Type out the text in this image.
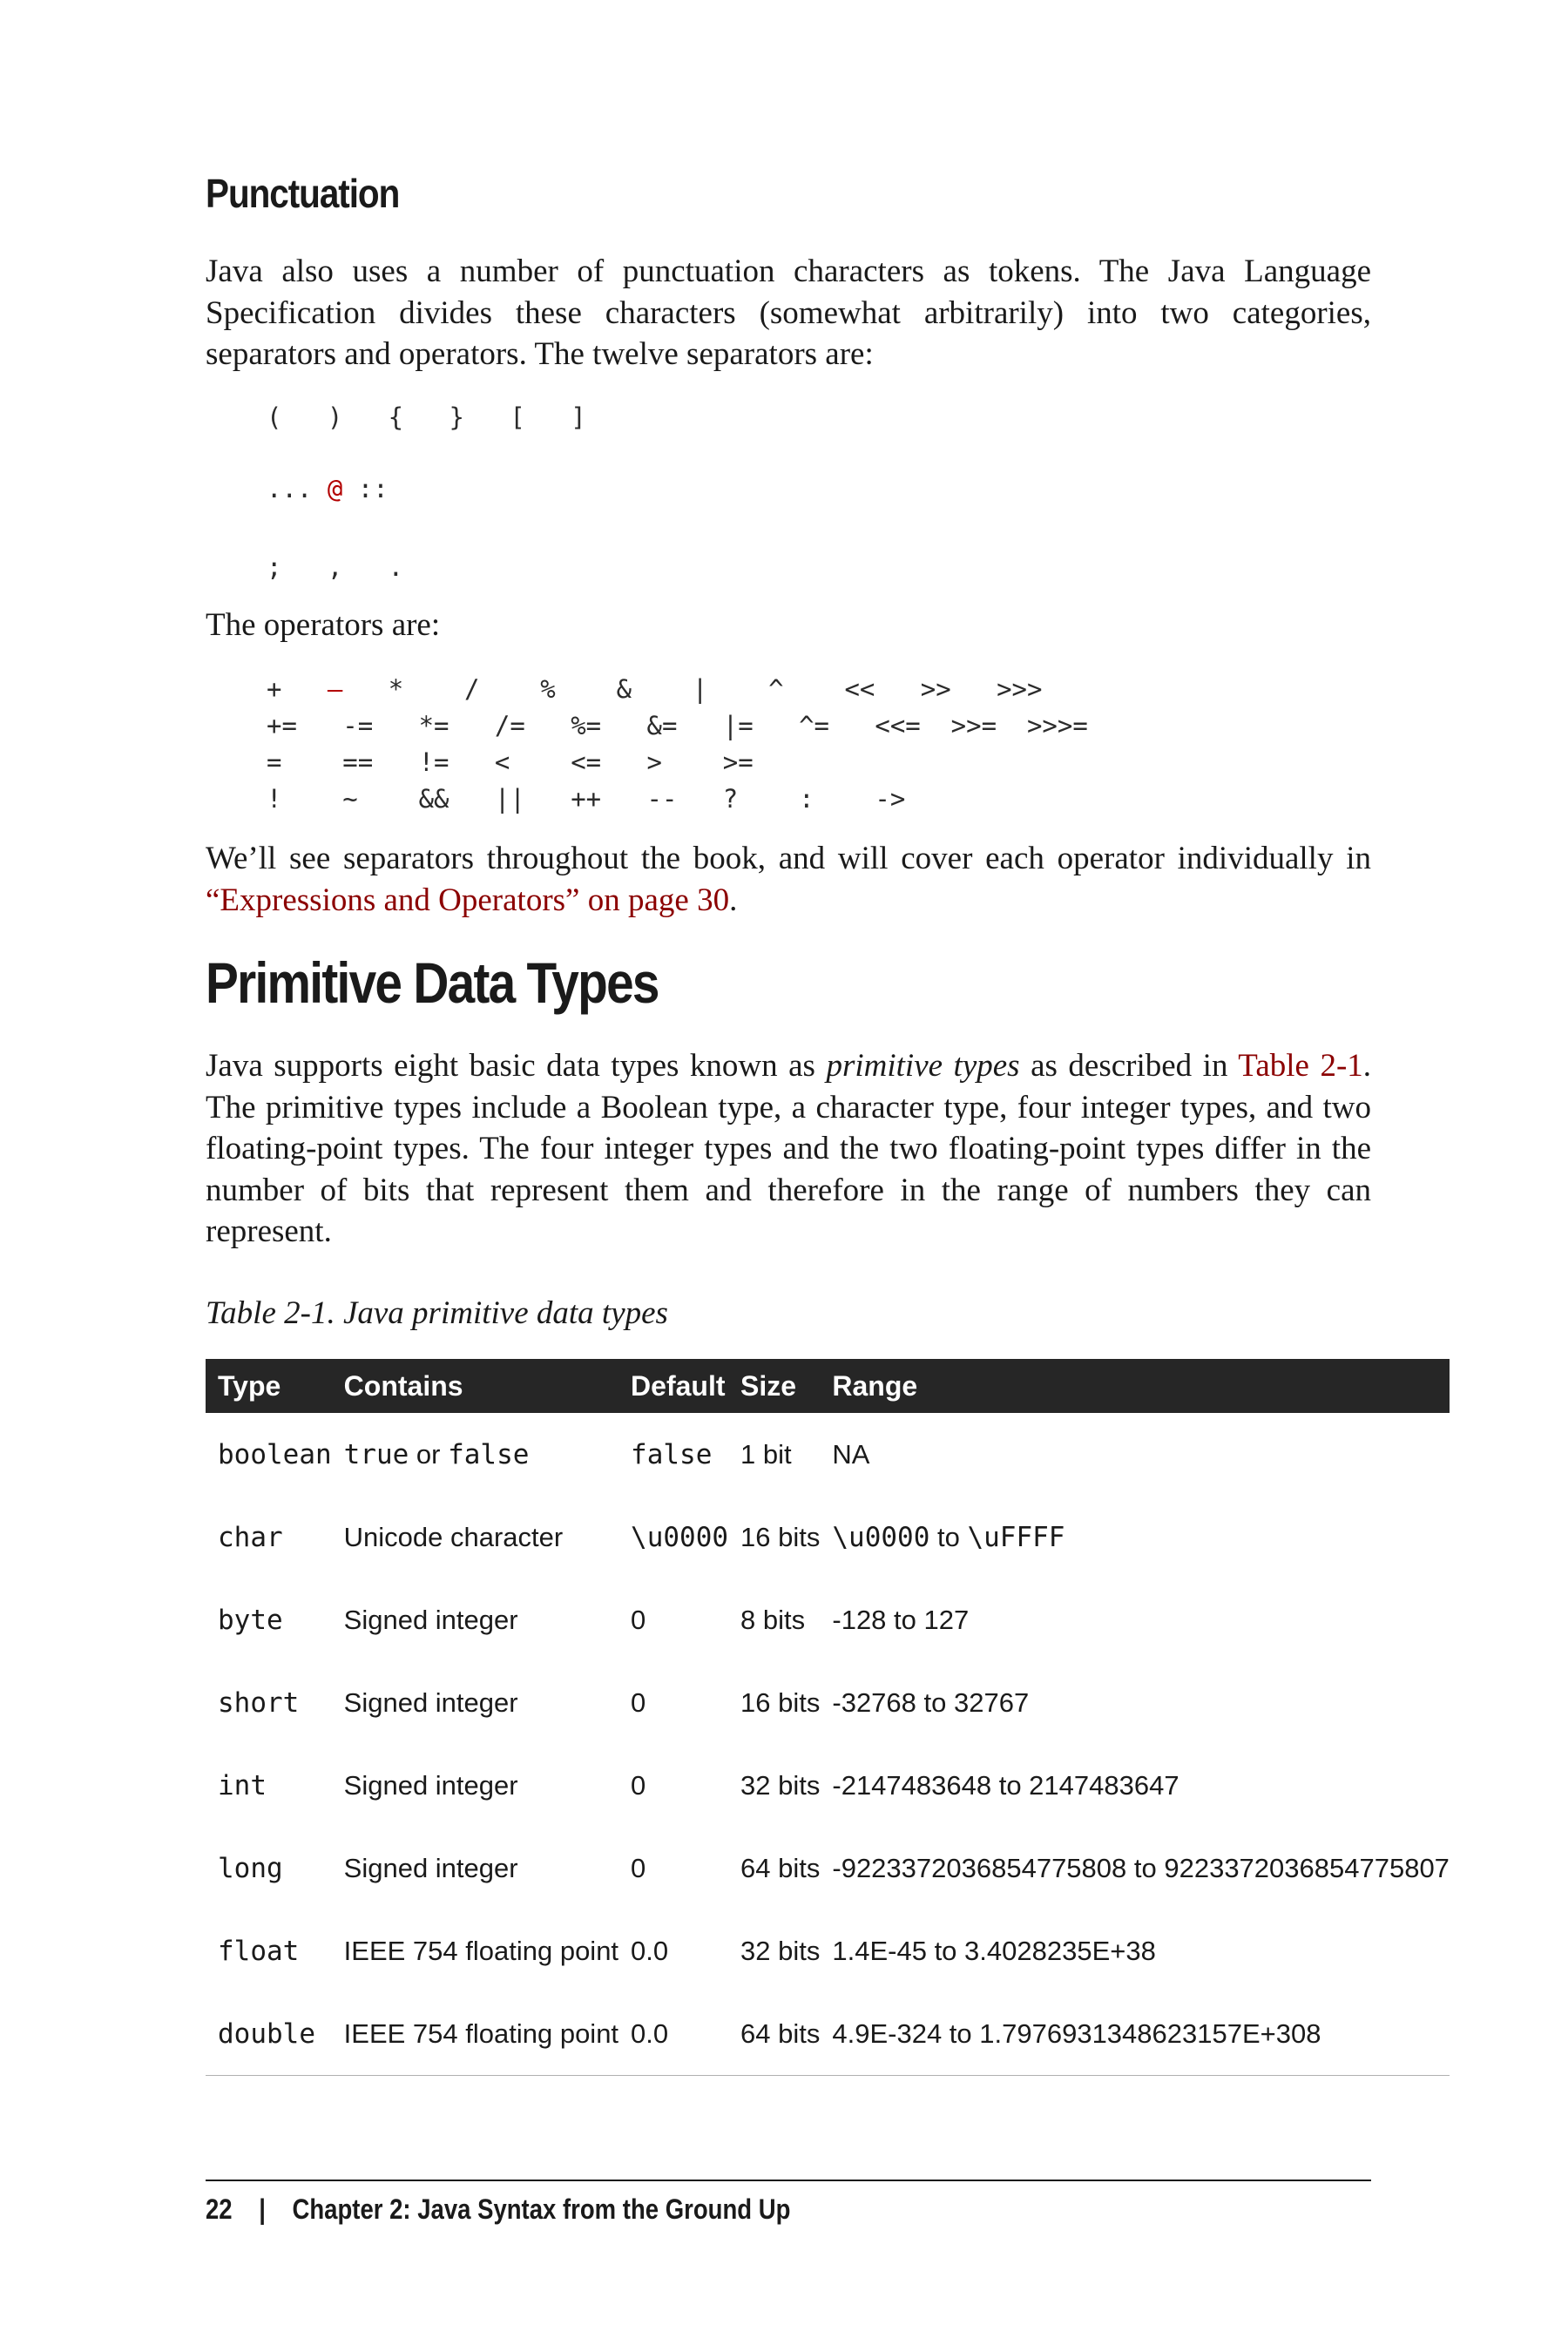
Punctuation

Java also uses a number of punctuation characters as tokens. The Java Language Specification divides these characters (somewhat arbitrarily) into two categories, separators and operators. The twelve separators are:

(   )   {   }   [   ]
... @ ::
;   ,   .

The operators are:

+   —   *    /    %    &    |    ^    <<   >>   >>>
+=   -=   *=   /=   %=   &=   |=   ^=   <<=  >>=  >>>=
=    ==   !=   <    <=   >    >=
!    ~    &&   ||   ++   --   ?    :    ->

We’ll see separators throughout the book, and will cover each operator individually in “Expressions and Operators” on page 30.

Primitive Data Types

Java supports eight basic data types known as primitive types as described in Table 2-1. The primitive types include a Boolean type, a character type, four integer types, and two floating-point types. The four integer types and the two floating-point types differ in the number of bits that represent them and therefore in the range of numbers they can represent.

Table 2-1. Java primitive data types
Type	Contains	Default	Size	Range
boolean	true or false	false	1 bit	NA
char	Unicode character	\u0000	16 bits	\u0000 to \uFFFF
byte	Signed integer	0	8 bits	-128 to 127
short	Signed integer	0	16 bits	-32768 to 32767
int	Signed integer	0	32 bits	-2147483648 to 2147483647
long	Signed integer	0	64 bits	-9223372036854775808 to 9223372036854775807
float	IEEE 754 floating point	0.0	32 bits	1.4E-45 to 3.4028235E+38
double	IEEE 754 floating point	0.0	64 bits	4.9E-324 to 1.7976931348623157E+308
22 | Chapter 2: Java Syntax from the Ground Up
